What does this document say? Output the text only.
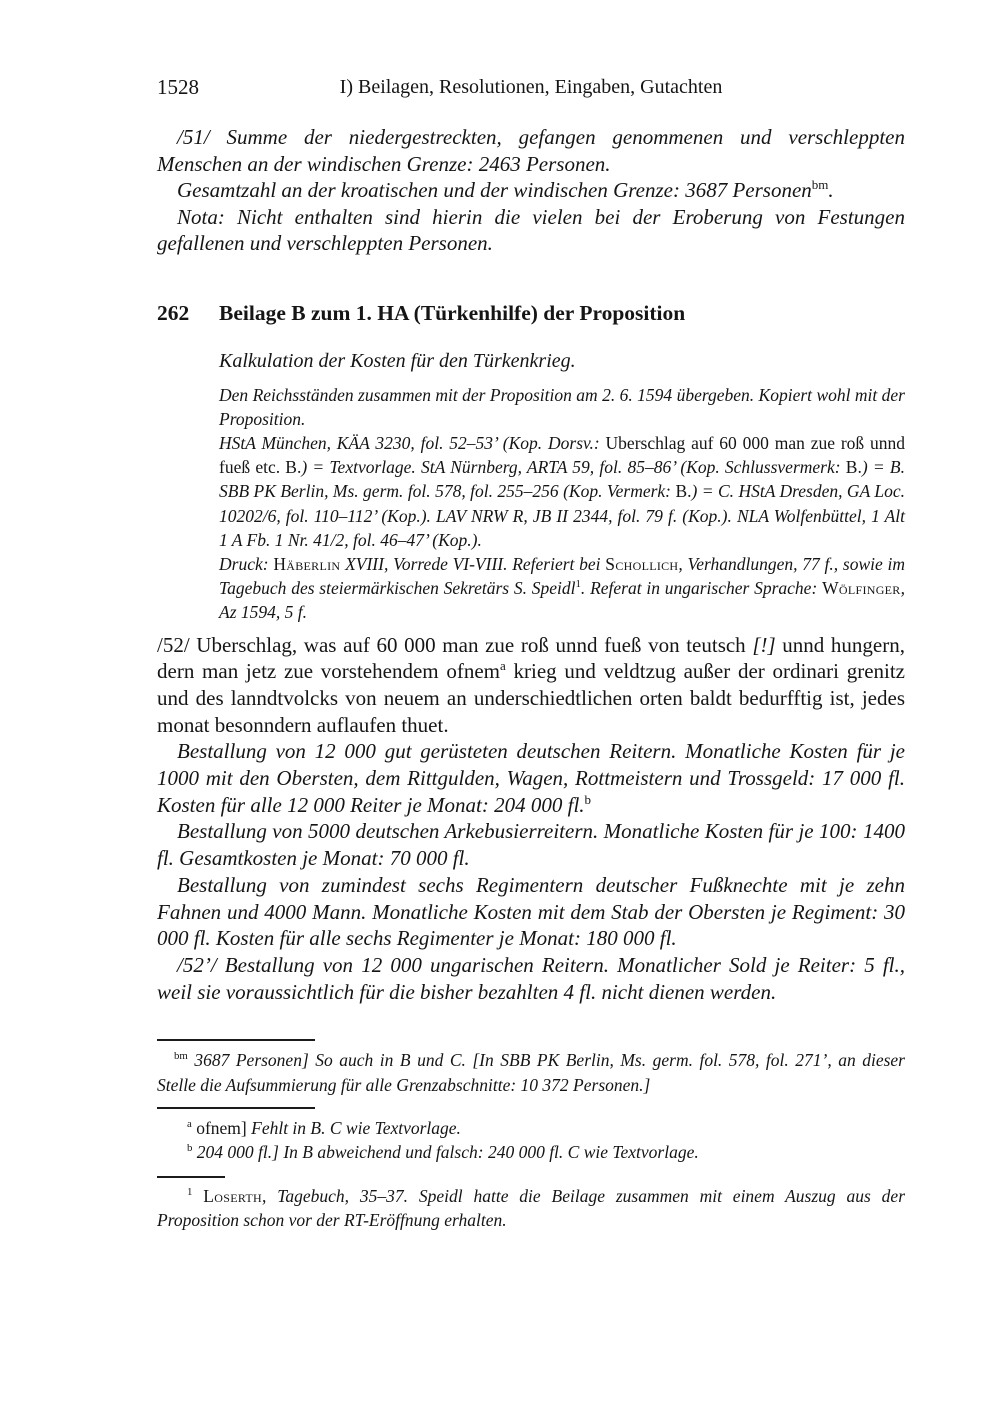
1528	I) Beilagen, Resolutionen, Eingaben, Gutachten

/51/ Summe der niedergestreckten, gefangen genommenen und verschleppten Menschen an der windischen Grenze: 2463 Personen.

Gesamtzahl an der kroatischen und der windischen Grenze: 3687 Personen$^{bm}$.

Nota: Nicht enthalten sind hierin die vielen bei der Eroberung von Festungen gefallenen und verschleppten Personen.

262	Beilage B zum 1. HA (Türkenhilfe) der Proposition
Kalkulation der Kosten für den Türkenkrieg.

Den Reichsständen zusammen mit der Proposition am 2. 6. 1594 übergeben. Kopiert wohl mit der Proposition.

HStA München, KÄA 3230, fol. 52–53’ (Kop. Dorsv.: Uberschlag auf 60 000 man zue roß unnd fueß etc. B.) = Textvorlage. StA Nürnberg, ARTA 59, fol. 85–86’ (Kop. Schlussvermerk: B.) = B. SBB PK Berlin, Ms. germ. fol. 578, fol. 255–256 (Kop. Vermerk: B.) = C. HStA Dresden, GA Loc. 10202/6, fol. 110–112’ (Kop.). LAV NRW R, JB II 2344, fol. 79 f. (Kop.). NLA Wolfenbüttel, 1 Alt 1 A Fb. 1 Nr. 41/2, fol. 46–47’ (Kop.).

Druck: Häberlin XVIII, Vorrede VI-VIII. Referiert bei Schollich, Verhandlungen, 77 f., sowie im Tagebuch des steiermärkischen Sekretärs S. Speidl$^1$. Referat in ungarischer Sprache: Wölfinger, Az 1594, 5 f.

/52/ Uberschlag, was auf 60 000 man zue roß unnd fueß von teutsch [!] unnd hungern, dern man jetz zue vorstehendem ofnem$^a$ krieg und veldtzug außer der ordinari grenitz und des lanndtvolcks von neuem an underschiedtlichen orten baldt bedurfftig ist, jedes monat besonndern auflaufen thuet.

Bestallung von 12 000 gut gerüsteten deutschen Reitern. Monatliche Kosten für je 1000 mit den Obersten, dem Rittgulden, Wagen, Rottmeistern und Trossgeld: 17 000 fl. Kosten für alle 12 000 Reiter je Monat: 204 000 fl.$^b$

Bestallung von 5000 deutschen Arkebusierreitern. Monatliche Kosten für je 100: 1400 fl. Gesamtkosten je Monat: 70 000 fl.

Bestallung von zumindest sechs Regimentern deutscher Fußknechte mit je zehn Fahnen und 4000 Mann. Monatliche Kosten mit dem Stab der Obersten je Regiment: 30 000 fl. Kosten für alle sechs Regimenter je Monat: 180 000 fl.

/52’/ Bestallung von 12 000 ungarischen Reitern. Monatlicher Sold je Reiter: 5 fl., weil sie voraussichtlich für die bisher bezahlten 4 fl. nicht dienen werden.

$^{bm}$ 3687 Personen] So auch in B und C. [In SBB PK Berlin, Ms. germ. fol. 578, fol. 271’, an dieser Stelle die Aufsummierung für alle Grenzabschnitte: 10 372 Personen.]

$^a$ ofnem] Fehlt in B. C wie Textvorlage.

$^b$ 204 000 fl.] In B abweichend und falsch: 240 000 fl. C wie Textvorlage.

$^1$ Loserth, Tagebuch, 35–37. Speidl hatte die Beilage zusammen mit einem Auszug aus der Proposition schon vor der RT-Eröffnung erhalten.
